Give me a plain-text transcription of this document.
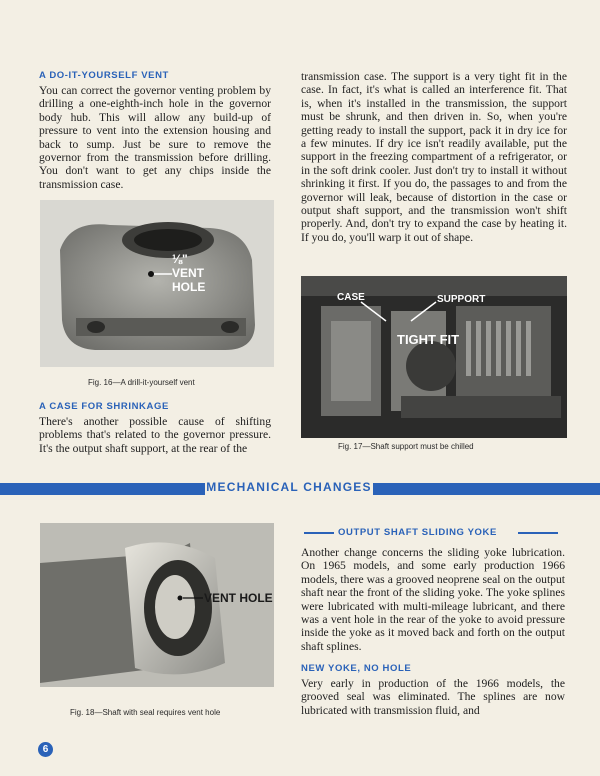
A DO-IT-YOURSELF VENT

You can correct the governor venting problem by drilling a one-eighth-inch hole in the governor body hub. This will allow any build-up of pressure to vent into the extension housing and back to sump. Just be sure to remove the governor from the transmission before drilling. You don't want to get any chips inside the transmission case.

⅛"
VENT
HOLE
Fig. 16—A drill-it-yourself vent
A CASE FOR SHRINKAGE

There's another possible cause of shifting problems that's related to the governor pressure. It's the output shaft support, at the rear of the

transmission case. The support is a very tight fit in the case. In fact, it's what is called an interference fit. That is, when it's installed in the transmission, the support must be shrunk, and then driven in. So, when you're getting ready to install the support, pack it in dry ice for a few minutes. If dry ice isn't readily available, put the support in the freezing compartment of a refrigerator, or in the soft drink cooler. Just don't try to install it without shrinking it first. If you do, the passages to and from the governor will leak, because of distortion in the case or output shaft support, and the transmission won't shift properly. And, don't try to expand the case by heating it. If you do, you'll warp it out of shape.

CASE	SUPPORT
TIGHT FIT
Fig. 17—Shaft support must be chilled
MECHANICAL CHANGES
VENT HOLE
Fig. 18—Shaft with seal requires vent hole
OUTPUT SHAFT SLIDING YOKE

Another change concerns the sliding yoke lubrication. On 1965 models, and some early production 1966 models, there was a grooved neoprene seal on the output shaft near the front of the sliding yoke. The yoke splines were lubricated with multi-mileage lubricant, and there was a vent hole in the rear of the yoke to avoid pressure inside the yoke as it moved back and forth on the output shaft splines.

NEW YOKE, NO HOLE

Very early in production of the 1966 models, the grooved seal was eliminated. The splines are now lubricated with transmission fluid, and

6
